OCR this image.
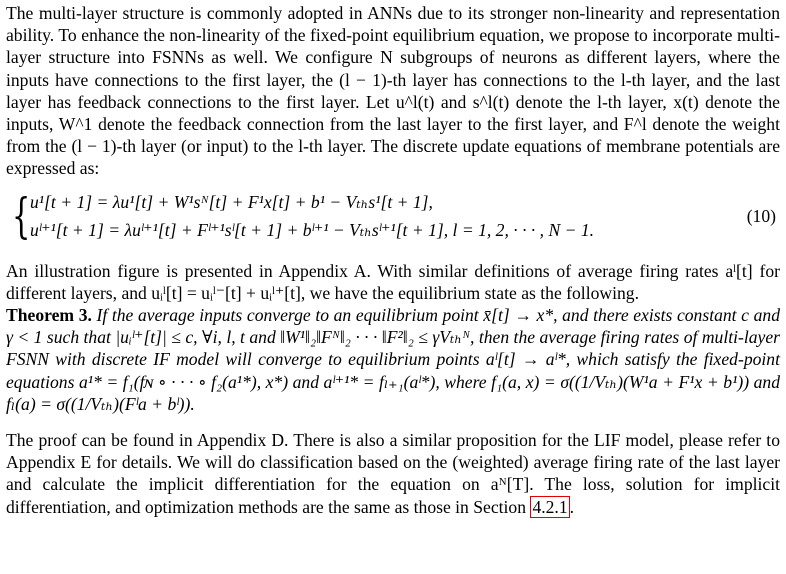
The multi-layer structure is commonly adopted in ANNs due to its stronger non-linearity and representation ability. To enhance the non-linearity of the fixed-point equilibrium equation, we propose to incorporate multi-layer structure into FSNNs as well. We configure N subgroups of neurons as different layers, where the inputs have connections to the first layer, the (l − 1)-th layer has connections to the l-th layer, and the last layer has feedback connections to the first layer. Let u^l(t) and s^l(t) denote the l-th layer, x(t) denote the inputs, W^1 denote the feedback connection from the last layer to the first layer, and F^l denote the weight from the (l − 1)-th layer (or input) to the l-th layer. The discrete update equations of membrane potentials are expressed as:

{ u¹[t + 1] = λu¹[t] + W¹sᴺ[t] + F¹x[t] + b¹ − Vₜₕs¹[t + 1],
uˡ⁺¹[t + 1] = λuˡ⁺¹[t] + Fˡ⁺¹sˡ[t + 1] + bˡ⁺¹ − Vₜₕsˡ⁺¹[t + 1], l = 1, 2, · · · , N − 1.
(10)

An illustration figure is presented in Appendix A. With similar definitions of average firing rates aˡ[t] for different layers, and uᵢˡ[t] = uᵢˡ⁻[t] + uᵢˡ⁺[t], we have the equilibrium state as the following.

Theorem 3. If the average inputs converge to an equilibrium point x̄[t] → x*, and there exists constant c and γ < 1 such that |uᵢˡ⁺[t]| ≤ c, ∀i, l, t and ‖W¹‖₂‖Fᴺ‖₂ · · · ‖F²‖₂ ≤ γVₜₕᴺ, then the average firing rates of multi-layer FSNN with discrete IF model will converge to equilibrium points aˡ[t] → aˡ*, which satisfy the fixed-point equations a¹* = f₁(fɴ ∘ · · · ∘ f₂(a¹*), x*) and aˡ⁺¹* = fₗ₊₁(aˡ*), where f₁(a, x) = σ((1/Vₜₕ)(W¹a + F¹x + b¹)) and fₗ(a) = σ((1/Vₜₕ)(Fˡa + bˡ)).

The proof can be found in Appendix D. There is also a similar proposition for the LIF model, please refer to Appendix E for details. We will do classification based on the (weighted) average firing rate of the last layer and calculate the implicit differentiation for the equation on aᴺ[T]. The loss, solution for implicit differentiation, and optimization methods are the same as those in Section 4.2.1 .
